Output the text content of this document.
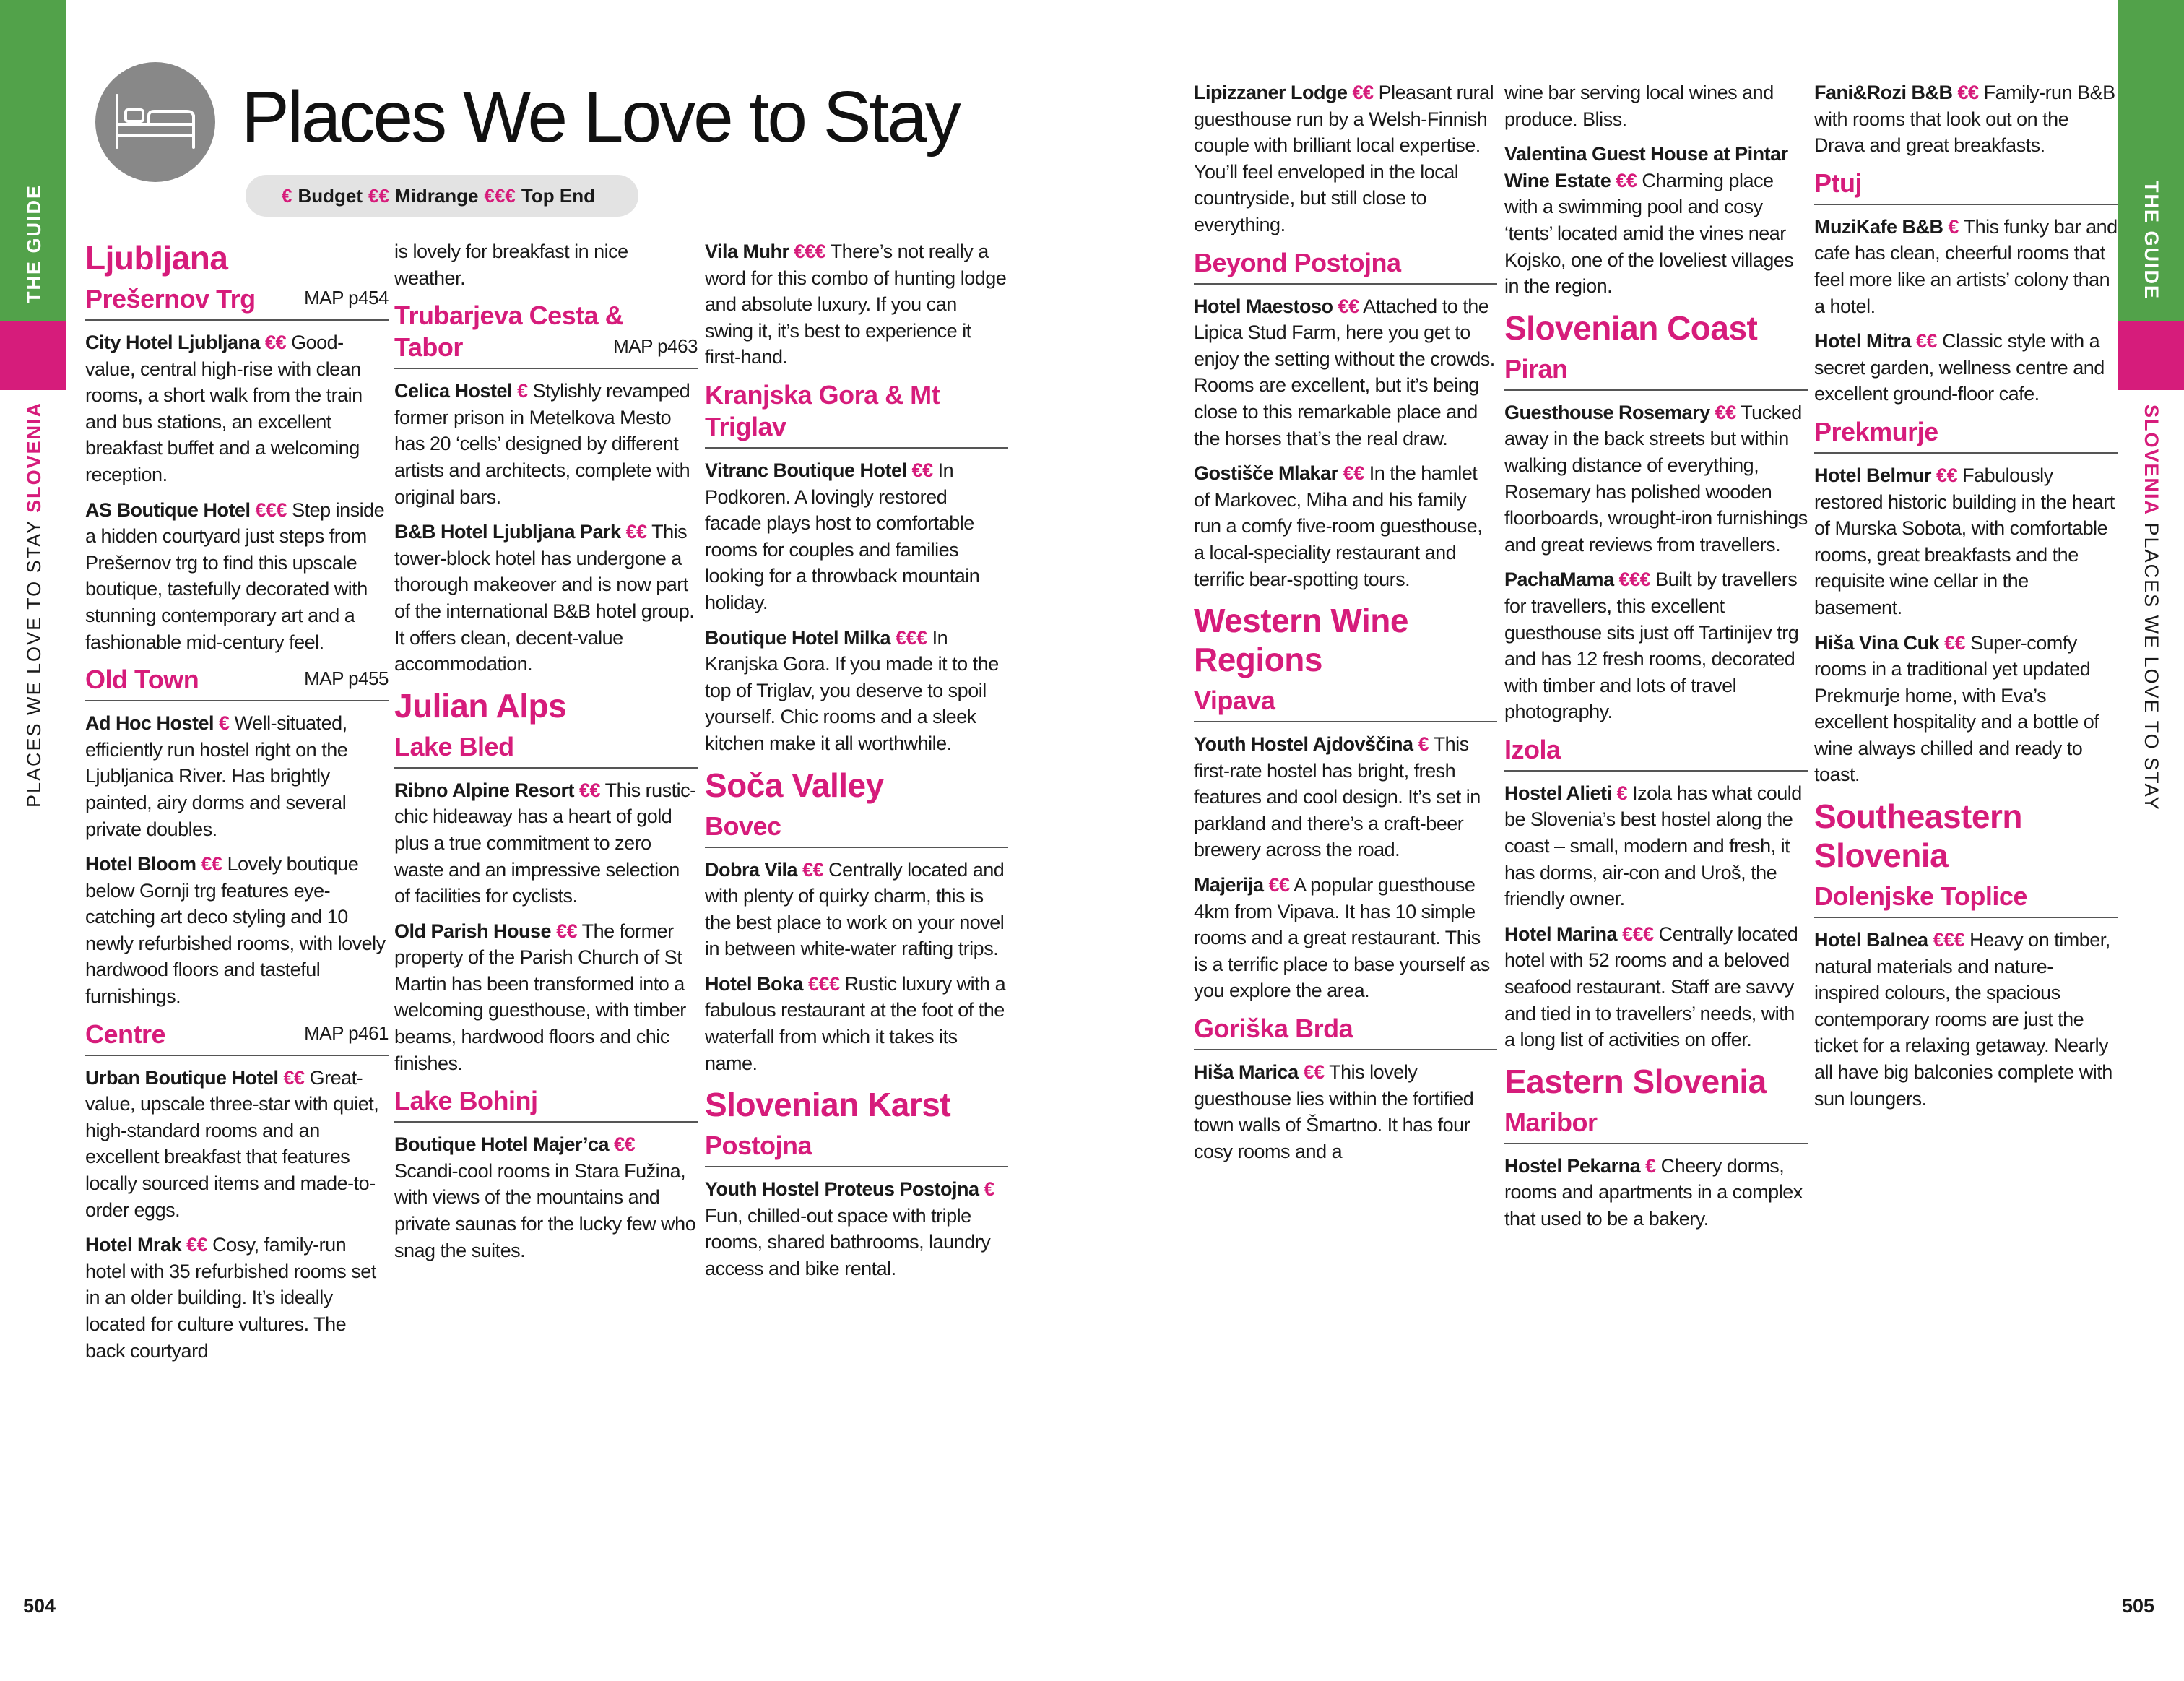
THE GUIDE
PLACES WE LOVE TO STAY SLOVENIA
THE GUIDE
SLOVENIA PLACES WE LOVE TO STAY
Places We Love to Stay
€ Budget €€ Midrange €€€ Top End
Ljubljana
Prešernov Trg	MAP p454

City Hotel Ljubljana €€ Good-value, central high-rise with clean rooms, a short walk from the train and bus stations, an excellent breakfast buffet and a welcoming reception.

AS Boutique Hotel €€€ Step inside a hidden courtyard just steps from Prešernov trg to find this upscale boutique, tastefully decorated with stunning contemporary art and a fashionable mid-century feel.

Old Town	MAP p455

Ad Hoc Hostel € Well-situated, efficiently run hostel right on the Ljubljanica River. Has brightly painted, airy dorms and several private doubles.

Hotel Bloom €€ Lovely boutique below Gornji trg features eye-catching art deco styling and 10 newly refurbished rooms, with lovely hardwood floors and tasteful furnishings.

Centre	MAP p461

Urban Boutique Hotel €€ Great-value, upscale three-star with quiet, high-standard rooms and an excellent breakfast that features locally sourced items and made-to-order eggs.

Hotel Mrak €€ Cosy, family-run hotel with 35 refurbished rooms set in an older building. It’s ideally located for culture vultures. The back courtyard

is lovely for breakfast in nice weather.

Trubarjeva Cesta & Tabor	MAP p463

Celica Hostel € Stylishly revamped former prison in Metelkova Mesto has 20 ‘cells’ designed by different artists and architects, complete with original bars.

B&B Hotel Ljubljana Park €€ This tower-block hotel has undergone a thorough makeover and is now part of the international B&B hotel group. It offers clean, decent-value accommodation.

Julian Alps
Lake Bled

Ribno Alpine Resort €€ This rustic-chic hideaway has a heart of gold plus a true commitment to zero waste and an impressive selection of facilities for cyclists.

Old Parish House €€ The former property of the Parish Church of St Martin has been transformed into a welcoming guesthouse, with timber beams, hardwood floors and chic finishes.

Lake Bohinj

Boutique Hotel Majer’ca €€ Scandi-cool rooms in Stara Fužina, with views of the mountains and private saunas for the lucky few who snag the suites.

Vila Muhr €€€ There’s not really a word for this combo of hunting lodge and absolute luxury. If you can swing it, it’s best to experience it first-hand.

Kranjska Gora & Mt Triglav

Vitranc Boutique Hotel €€ In Podkoren. A lovingly restored facade plays host to comfortable rooms for couples and families looking for a throwback mountain holiday.

Boutique Hotel Milka €€€ In Kranjska Gora. If you made it to the top of Triglav, you deserve to spoil yourself. Chic rooms and a sleek kitchen make it all worthwhile.

Soča Valley
Bovec

Dobra Vila €€ Centrally located and with plenty of quirky charm, this is the best place to work on your novel in between white-water rafting trips.

Hotel Boka €€€ Rustic luxury with a fabulous restaurant at the foot of the waterfall from which it takes its name.

Slovenian Karst
Postojna

Youth Hostel Proteus Postojna € Fun, chilled-out space with triple rooms, shared bathrooms, laundry access and bike rental.

Lipizzaner Lodge €€ Pleasant rural guesthouse run by a Welsh-Finnish couple with brilliant local expertise. You’ll feel enveloped in the local countryside, but still close to everything.

Beyond Postojna

Hotel Maestoso €€ Attached to the Lipica Stud Farm, here you get to enjoy the setting without the crowds. Rooms are excellent, but it’s being close to this remarkable place and the horses that’s the real draw.

Gostišče Mlakar €€ In the hamlet of Markovec, Miha and his family run a comfy five-room guesthouse, a local-speciality restaurant and terrific bear-spotting tours.

Western Wine Regions
Vipava

Youth Hostel Ajdovščina € This first-rate hostel has bright, fresh features and cool design. It’s set in parkland and there’s a craft-beer brewery across the road.

Majerija €€ A popular guesthouse 4km from Vipava. It has 10 simple rooms and a great restaurant. This is a terrific place to base yourself as you explore the area.

Goriška Brda

Hiša Marica €€ This lovely guesthouse lies within the fortified town walls of Šmartno. It has four cosy rooms and a

wine bar serving local wines and produce. Bliss.

Valentina Guest House at Pintar Wine Estate €€ Charming place with a swimming pool and cosy ‘tents’ located amid the vines near Kojsko, one of the loveliest villages in the region.

Slovenian Coast
Piran

Guesthouse Rosemary €€ Tucked away in the back streets but within walking distance of everything, Rosemary has polished wooden floorboards, wrought-iron furnishings and great reviews from travellers.

PachaMama €€€ Built by travellers for travellers, this excellent guesthouse sits just off Tartinijev trg and has 12 fresh rooms, decorated with timber and lots of travel photography.

Izola

Hostel Alieti € Izola has what could be Slovenia’s best hostel along the coast – small, modern and fresh, it has dorms, air-con and Uroš, the friendly owner.

Hotel Marina €€€ Centrally located hotel with 52 rooms and a beloved seafood restaurant. Staff are savvy and tied in to travellers’ needs, with a long list of activities on offer.

Eastern Slovenia
Maribor

Hostel Pekarna € Cheery dorms, rooms and apartments in a complex that used to be a bakery.

Fani&Rozi B&B €€ Family-run B&B with rooms that look out on the Drava and great breakfasts.

Ptuj

MuziKafe B&B € This funky bar and cafe has clean, cheerful rooms that feel more like an artists’ colony than a hotel.

Hotel Mitra €€ Classic style with a secret garden, wellness centre and excellent ground-floor cafe.

Prekmurje

Hotel Belmur €€ Fabulously restored historic building in the heart of Murska Sobota, with comfortable rooms, great breakfasts and the requisite wine cellar in the basement.

Hiša Vina Cuk €€ Super-comfy rooms in a traditional yet updated Prekmurje home, with Eva’s excellent hospitality and a bottle of wine always chilled and ready to toast.

Southeastern Slovenia
Dolenjske Toplice

Hotel Balnea €€€ Heavy on timber, natural materials and nature-inspired colours, the spacious contemporary rooms are just the ticket for a relaxing getaway. Nearly all have big balconies complete with sun loungers.

504	505
